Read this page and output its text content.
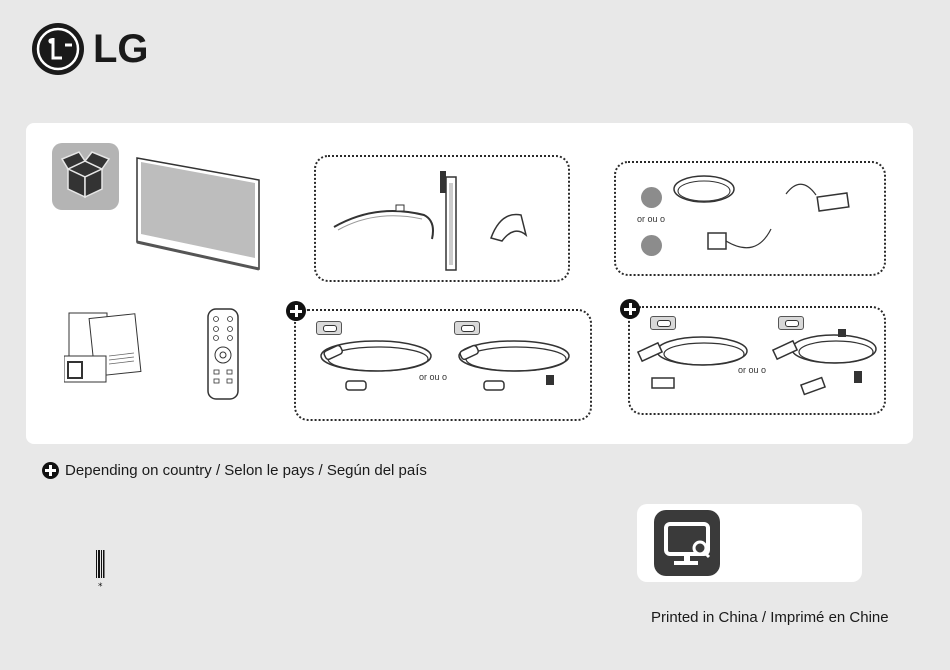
LG
or ou o
or ou o
or ou o
Depending on country / Selon le pays / Según del país
*
Printed in China / Imprimé en Chine
